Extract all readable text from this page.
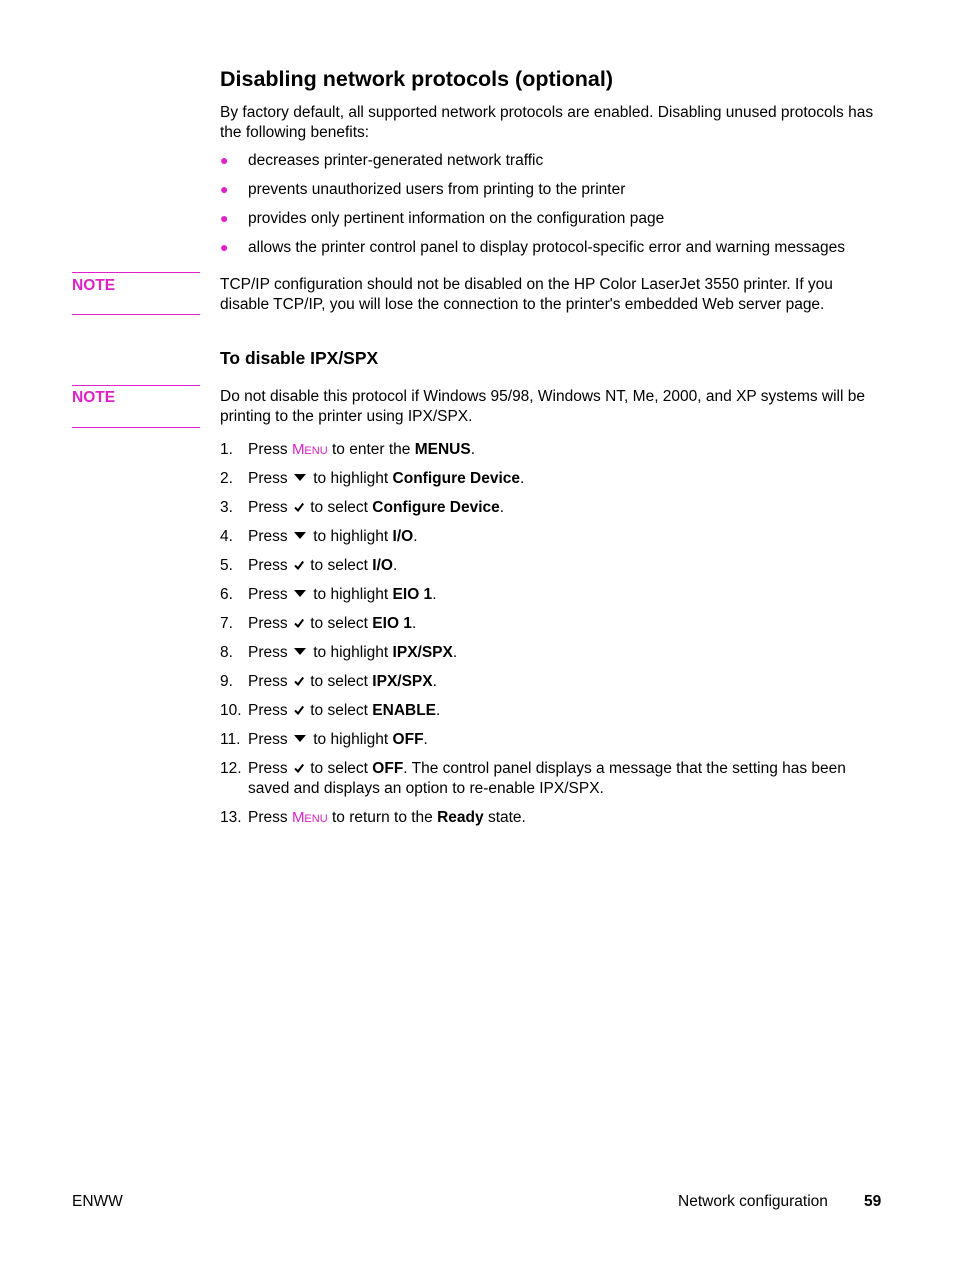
Disabling network protocols (optional)

By factory default, all supported network protocols are enabled. Disabling unused protocols has the following benefits:

● decreases printer-generated network traffic
● prevents unauthorized users from printing to the printer
● provides only pertinent information on the configuration page
● allows the printer control panel to display protocol-specific error and warning messages

NOTE	TCP/IP configuration should not be disabled on the HP Color LaserJet 3550 printer. If you disable TCP/IP, you will lose the connection to the printer's embedded Web server page.

To disable IPX/SPX

NOTE	Do not disable this protocol if Windows 95/98, Windows NT, Me, 2000, and XP systems will be printing to the printer using IPX/SPX.

1. Press Menu to enter the MENUS.
2. Press to highlight Configure Device.
3. Press to select Configure Device.
4. Press to highlight I/O.
5. Press to select I/O.
6. Press to highlight EIO 1.
7. Press to select EIO 1.
8. Press to highlight IPX/SPX.
9. Press to select IPX/SPX.
10. Press to select ENABLE.
11. Press to highlight OFF.
12. Press to select OFF. The control panel displays a message that the setting has been saved and displays an option to re-enable IPX/SPX.
13. Press Menu to return to the Ready state.
ENWW	Network configuration 59
